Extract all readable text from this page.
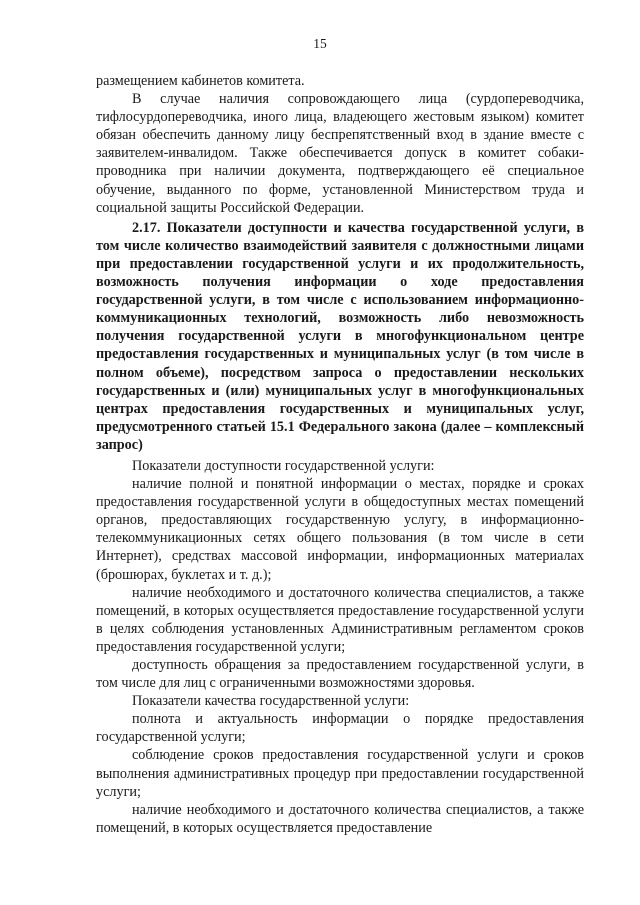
15

размещением кабинетов комитета.

В случае наличия сопровождающего лица (сурдопереводчика, тифлосурдопереводчика, иного лица, владеющего жестовым языком) комитет обязан обеспечить данному лицу беспрепятственный вход в здание вместе с заявителем-инвалидом. Также обеспечивается допуск в комитет собаки-проводника при наличии документа, подтверждающего её специальное обучение, выданного по форме, установленной Министерством труда и социальной защиты Российской Федерации.

2.17. Показатели доступности и качества государственной услуги, в том числе количество взаимодействий заявителя с должностными лицами при предоставлении государственной услуги и их продолжительность, возможность получения информации о ходе предоставления государственной услуги, в том числе с использованием информационно-коммуникационных технологий, возможность либо невозможность получения государственной услуги в многофункциональном центре предоставления государственных и муниципальных услуг (в том числе в полном объеме), посредством запроса о предоставлении нескольких государственных и (или) муниципальных услуг в многофункциональных центрах предоставления государственных и муниципальных услуг, предусмотренного статьей 15.1 Федерального закона (далее – комплексный запрос)

Показатели доступности государственной услуги:

наличие полной и понятной информации о местах, порядке и сроках предоставления государственной услуги в общедоступных местах помещений органов, предоставляющих государственную услугу, в информационно-телекоммуникационных сетях общего пользования (в том числе в сети Интернет), средствах массовой информации, информационных материалах (брошюрах, буклетах и т. д.);

наличие необходимого и достаточного количества специалистов, а также помещений, в которых осуществляется предоставление государственной услуги в целях соблюдения установленных Административным регламентом сроков предоставления государственной услуги;

доступность обращения за предоставлением государственной услуги, в том числе для лиц с ограниченными возможностями здоровья.

Показатели качества государственной услуги:

полнота и актуальность информации о порядке предоставления государственной услуги;

соблюдение сроков предоставления государственной услуги и сроков выполнения административных процедур при предоставлении государственной услуги;

наличие необходимого и достаточного количества специалистов, а также помещений, в которых осуществляется предоставление
